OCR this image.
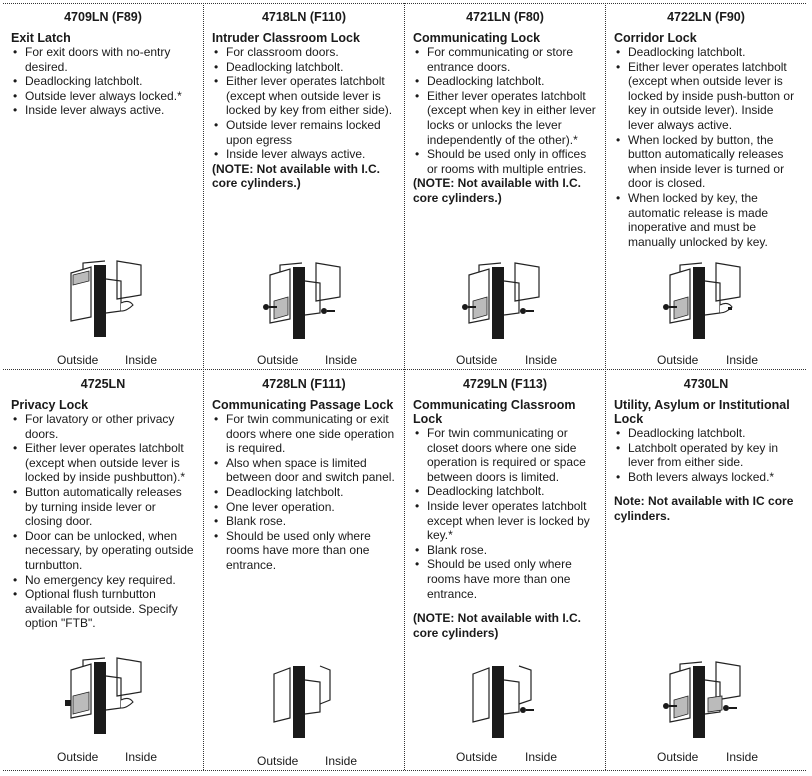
4709LN (F89)
Exit Latch
• For exit doors with no-entry desired.
• Deadlocking latchbolt.
• Outside lever always locked.*
• Inside lever always active.
Outside Inside
4718LN (F110)
Intruder Classroom Lock
• For classroom doors.
• Deadlocking latchbolt.
• Either lever operates latchbolt (except when outside lever is locked by key from either side).
• Outside lever remains locked upon egress
• Inside lever always active.
(NOTE: Not available with I.C. core cylinders.)
Outside Inside
4721LN (F80)
Communicating Lock
• For communicating or store entrance doors.
• Deadlocking latchbolt.
• Either lever operates latchbolt (except when key in either lever locks or unlocks the lever independently of the other).*
• Should be used only in offices or rooms with multiple entries.
(NOTE: Not available with I.C. core cylinders.)
Outside Inside
4722LN (F90)
Corridor Lock
• Deadlocking latchbolt.
• Either lever operates latchbolt (except when outside lever is locked by inside push-button or key in outside lever). Inside lever always active.
• When locked by button, the button automatically releases when inside lever is turned or door is closed.
• When locked by key, the automatic release is made inoperative and must be manually unlocked by key.
Outside Inside
4725LN
Privacy Lock
• For lavatory or other privacy doors.
• Either lever operates latchbolt (except when outside lever is locked by inside pushbutton).*
• Button automatically releases by turning inside lever or closing door.
• Door can be unlocked, when necessary, by operating outside turnbutton.
• No emergency key required.
• Optional flush turnbutton available for outside. Specify option "FTB".
Outside Inside
4728LN (F111)
Communicating Passage Lock
• For twin communicating or exit doors where one side operation is required.
• Also when space is limited between door and switch panel.
• Deadlocking latchbolt.
• One lever operation.
• Blank rose.
• Should be used only where rooms have more than one entrance.
Outside Inside
4729LN (F113)
Communicating Classroom Lock
• For twin communicating or closet doors where one side operation is required or space between doors is limited.
• Deadlocking latchbolt.
• Inside lever operates latchbolt except when lever is locked by key.*
• Blank rose.
• Should be used only where rooms have more than one entrance.
(NOTE: Not available with I.C. core cylinders)
Outside Inside
4730LN
Utility, Asylum or Institutional Lock
• Deadlocking latchbolt.
• Latchbolt operated by key in lever from either side.
• Both levers always locked.*
Note: Not available with IC core cylinders.
Outside Inside
